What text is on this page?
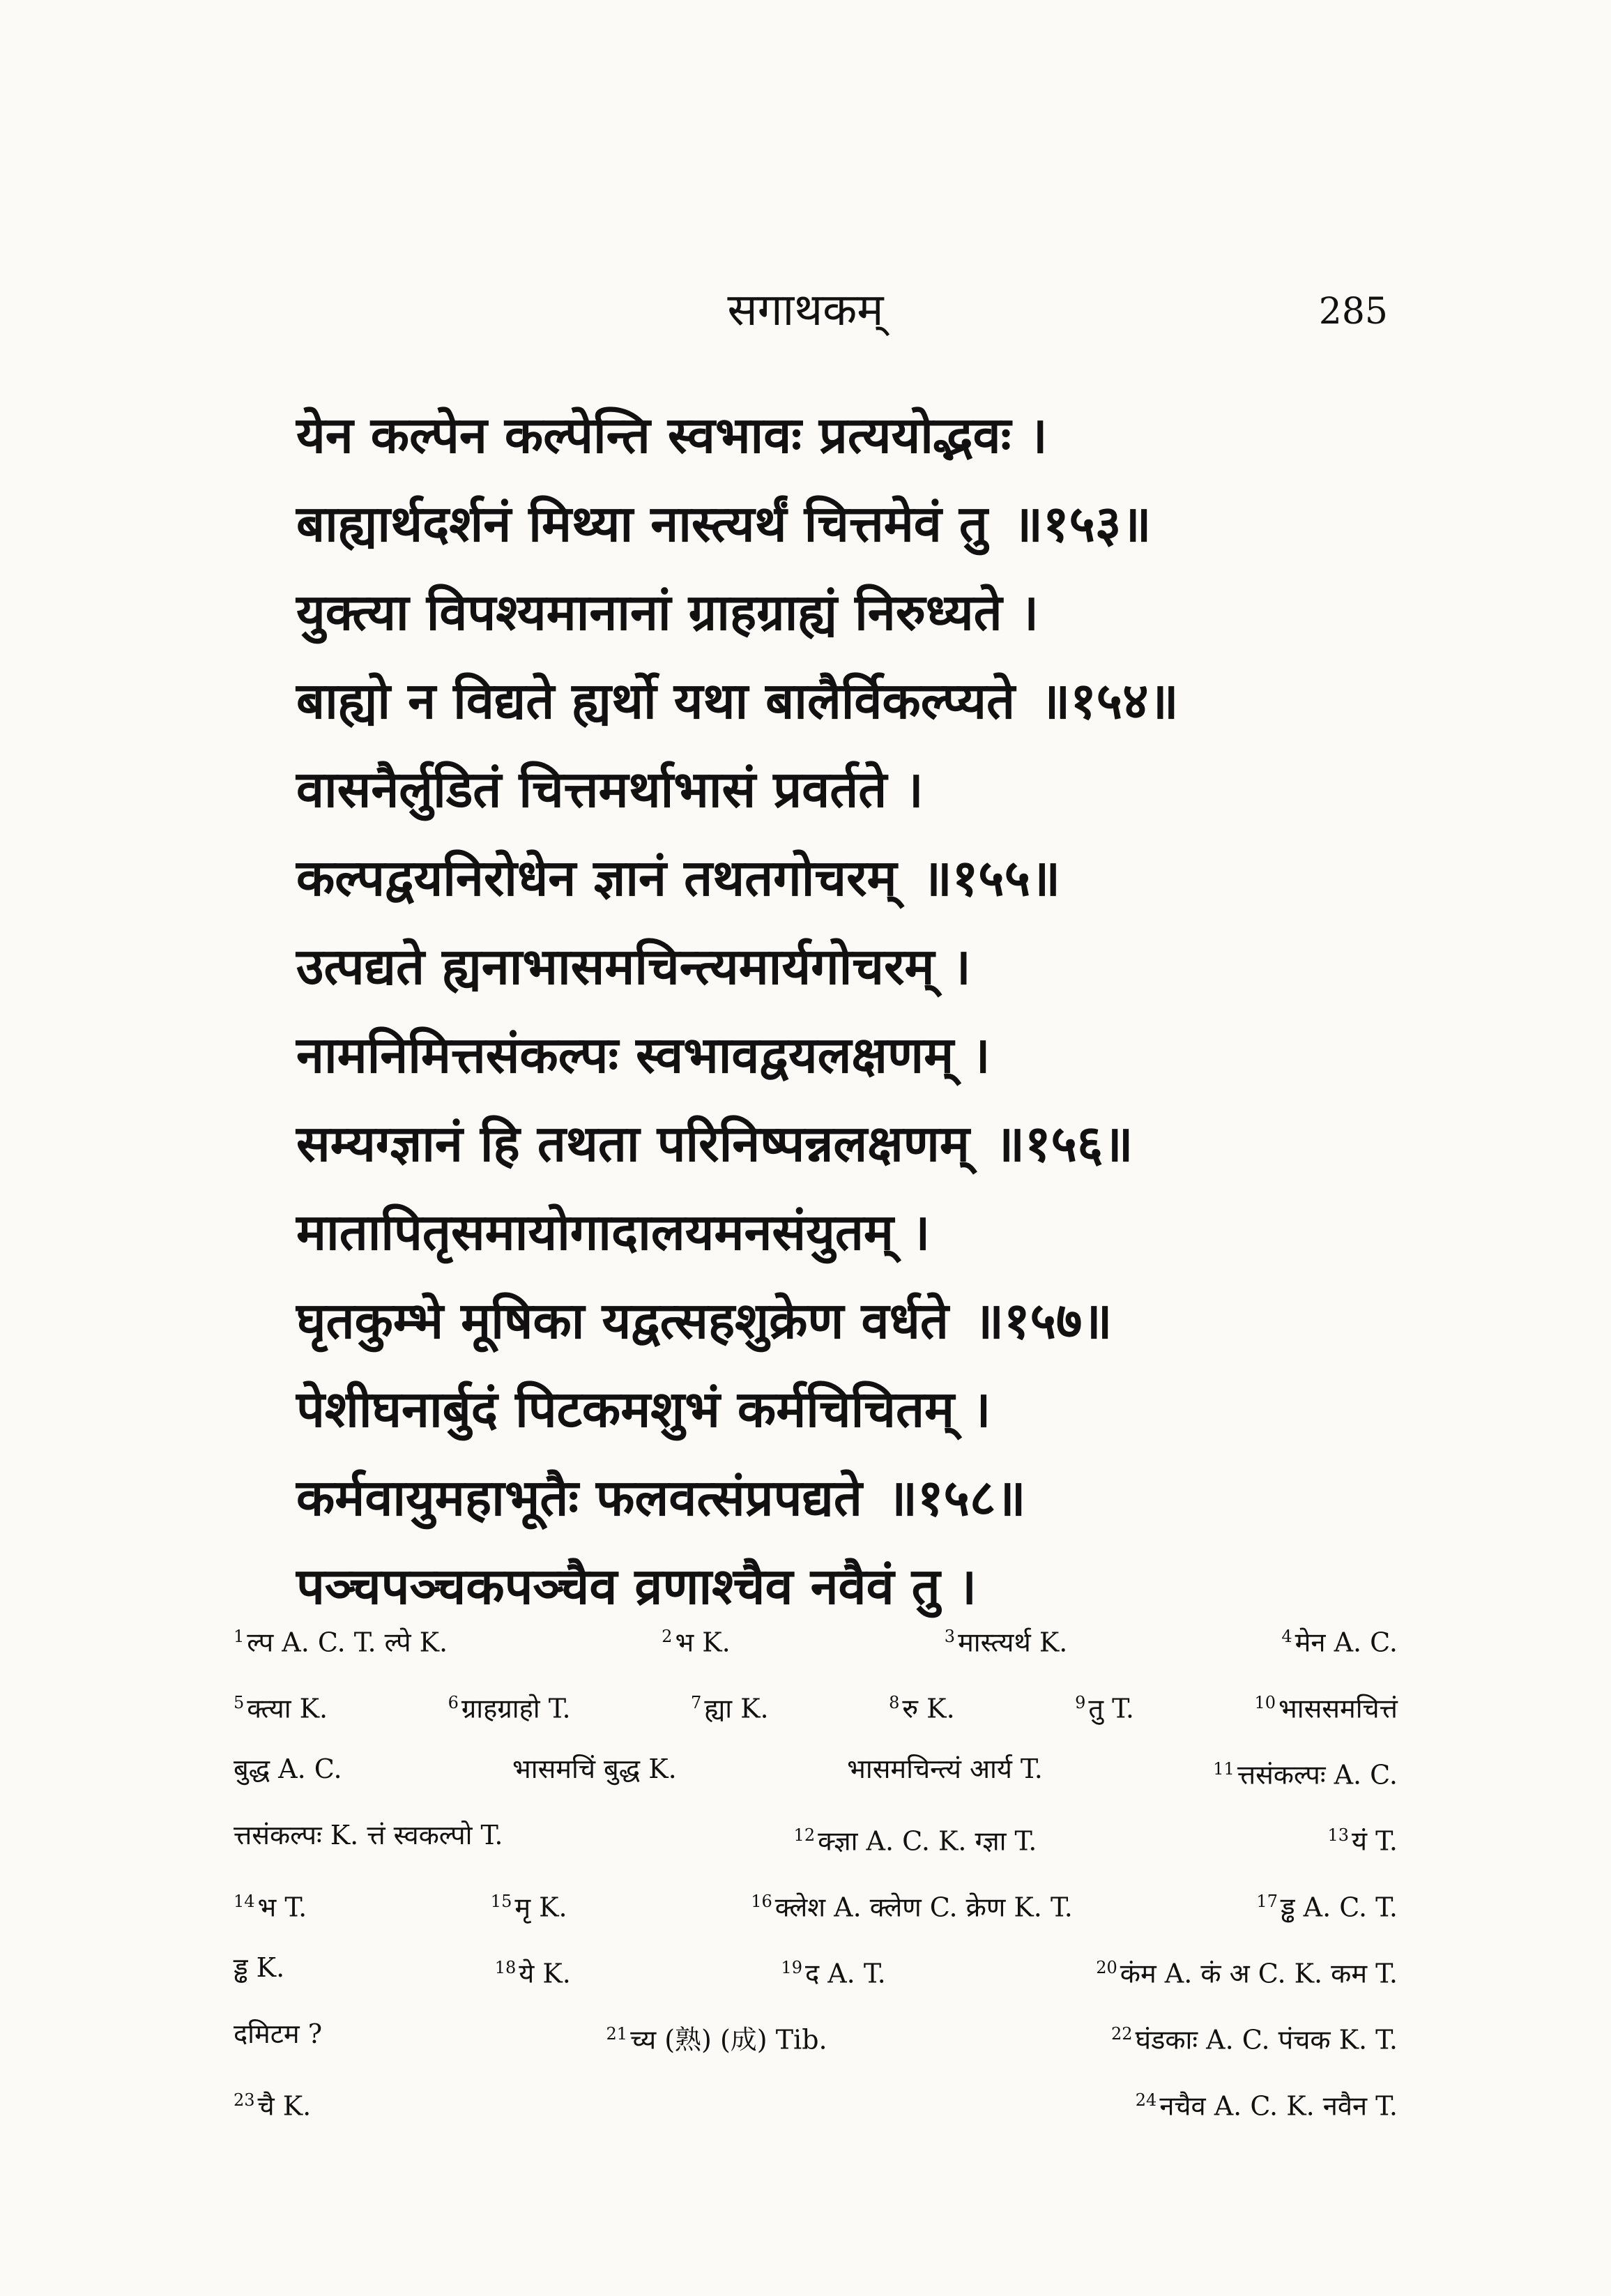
सगाथकम्	285
येन कल्पेन कल्पेन्ति स्वभावः प्रत्ययोद्भवः ।
बाह्यार्थदर्शनं मिथ्या नास्त्यर्थं चित्तमेवं तु ॥१५३॥
युक्त्या विपश्यमानानां ग्राहग्राह्यं निरुध्यते ।
बाह्यो न विद्यते ह्यर्थो यथा बालैर्विकल्प्यते ॥१५४॥
वासनैर्लुडितं चित्तमर्थाभासं प्रवर्तते ।
कल्पद्वयनिरोधेन ज्ञानं तथतगोचरम् ॥१५५॥
उत्पद्यते ह्यनाभासमचिन्त्यमार्यगोचरम् ।
नामनिमित्तसंकल्पः स्वभावद्वयलक्षणम् ।
सम्यग्ज्ञानं हि तथता परिनिष्पन्नलक्षणम् ॥१५६॥
मातापितृसमायोगादालयमनसंयुतम् ।
घृतकुम्भे मूषिका यद्वत्सहशुक्रेण वर्धते ॥१५७॥
पेशीघनार्बुदं पिटकमशुभं कर्मचिचितम् ।
कर्मवायुमहाभूतैः फलवत्संप्रपद्यते ॥१५८॥
पञ्चपञ्चकपञ्चैव व्रणाश्चैव नवैवं तु ।
$^1$ ल्प A. C. T. ल्पे K.	$^2$ भ K.	$^3$ मास्त्यर्थ K.	$^4$ मेन A. C.
$^5$ क्त्या K.	$^6$ ग्राहग्राहो T.	$^7$ ह्या K.	$^8$ रु K.	$^9$ तु T.	$^{10}$ भाससमचित्तं
बुद्ध A. C.	भासमचिं बुद्ध K.	भासमचिन्त्यं आर्य T.	$^{11}$ त्तसंकल्पः A. C.
त्तसंकल्पः K. त्तं स्वकल्पो T.	$^{12}$ क्ज्ञा A. C. K. ग्ज्ञा T.	$^{13}$ यं T.
$^{14}$ भ T.	$^{15}$ मृ K.	$^{16}$ क्लेश A. क्लेण C. क्रेण K. T.	$^{17}$ ड्ढ A. C. T.
ड्ढ K.	$^{18}$ ये K.	$^{19}$ द A. T.	$^{20}$ कंम A. कं अ C. K. कम T.
दमिटम ?	$^{21}$ च्य (熟) (成) Tib.	$^{22}$ घंडकाः A. C. पंचक K. T.
$^{23}$ चै K.	$^{24}$ नचैव A. C. K. नवैन T.
